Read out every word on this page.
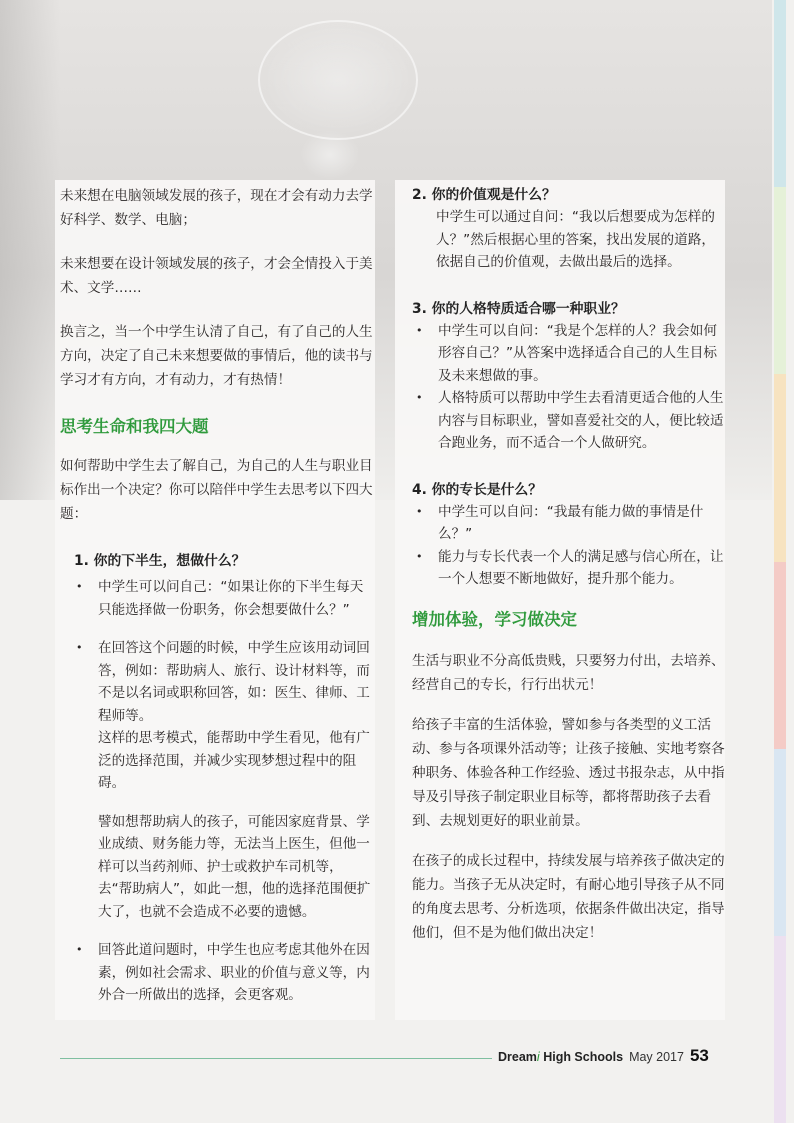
未来想在电脑领域发展的孩子，现在才会有动力去学好科学、数学、电脑；

未来想要在设计领域发展的孩子，才会全情投入于美术、文学……

换言之，当一个中学生认清了自己，有了自己的人生方向，决定了自己未来想要做的事情后，他的读书与学习才有方向，才有动力，才有热情！

思考生命和我四大题

如何帮助中学生去了解自己，为自己的人生与职业目标作出一个决定？你可以陪伴中学生去思考以下四大题：

1. 你的下半生，想做什么？
• 中学生可以问自己：“如果让你的下半生每天只能选择做一份职务，你会想要做什么？”
• 在回答这个问题的时候，中学生应该用动词回答，例如：帮助病人、旅行、设计材料等，而不是以名词或职称回答，如：医生、律师、工程师等。

这样的思考模式，能帮助中学生看见，他有广泛的选择范围，并减少实现梦想过程中的阻碍。

譬如想帮助病人的孩子，可能因家庭背景、学业成绩、财务能力等，无法当上医生，但他一样可以当药剂师、护士或救护车司机等，去“帮助病人”，如此一想，他的选择范围便扩大了，也就不会造成不必要的遗憾。

• 回答此道问题时，中学生也应考虑其他外在因素，例如社会需求、职业的价值与意义等，内外合一所做出的选择，会更客观。
2. 你的价值观是什么？

中学生可以通过自问：“我以后想要成为怎样的人？”然后根据心里的答案，找出发展的道路，依据自己的价值观，去做出最后的选择。

3. 你的人格特质适合哪一种职业？
• 中学生可以自问：“我是个怎样的人？我会如何形容自己？”从答案中选择适合自己的人生目标及未来想做的事。
• 人格特质可以帮助中学生去看清更适合他的人生内容与目标职业，譬如喜爱社交的人，便比较适合跑业务，而不适合一个人做研究。
4. 你的专长是什么？
• 中学生可以自问：“我最有能力做的事情是什么？”
• 能力与专长代表一个人的满足感与信心所在，让一个人想要不断地做好，提升那个能力。
增加体验，学习做决定

生活与职业不分高低贵贱，只要努力付出，去培养、经营自己的专长，行行出状元！

给孩子丰富的生活体验，譬如参与各类型的义工活动、参与各项课外活动等；让孩子接触、实地考察各种职务、体验各种工作经验、透过书报杂志，从中指导及引导孩子制定职业目标等，都将帮助孩子去看到、去规划更好的职业前景。

在孩子的成长过程中，持续发展与培养孩子做决定的能力。当孩子无从决定时，有耐心地引导孩子从不同的角度去思考、分析选项，依据条件做出决定，指导他们，但不是为他们做出决定！

Dreami High Schools May 2017 53
